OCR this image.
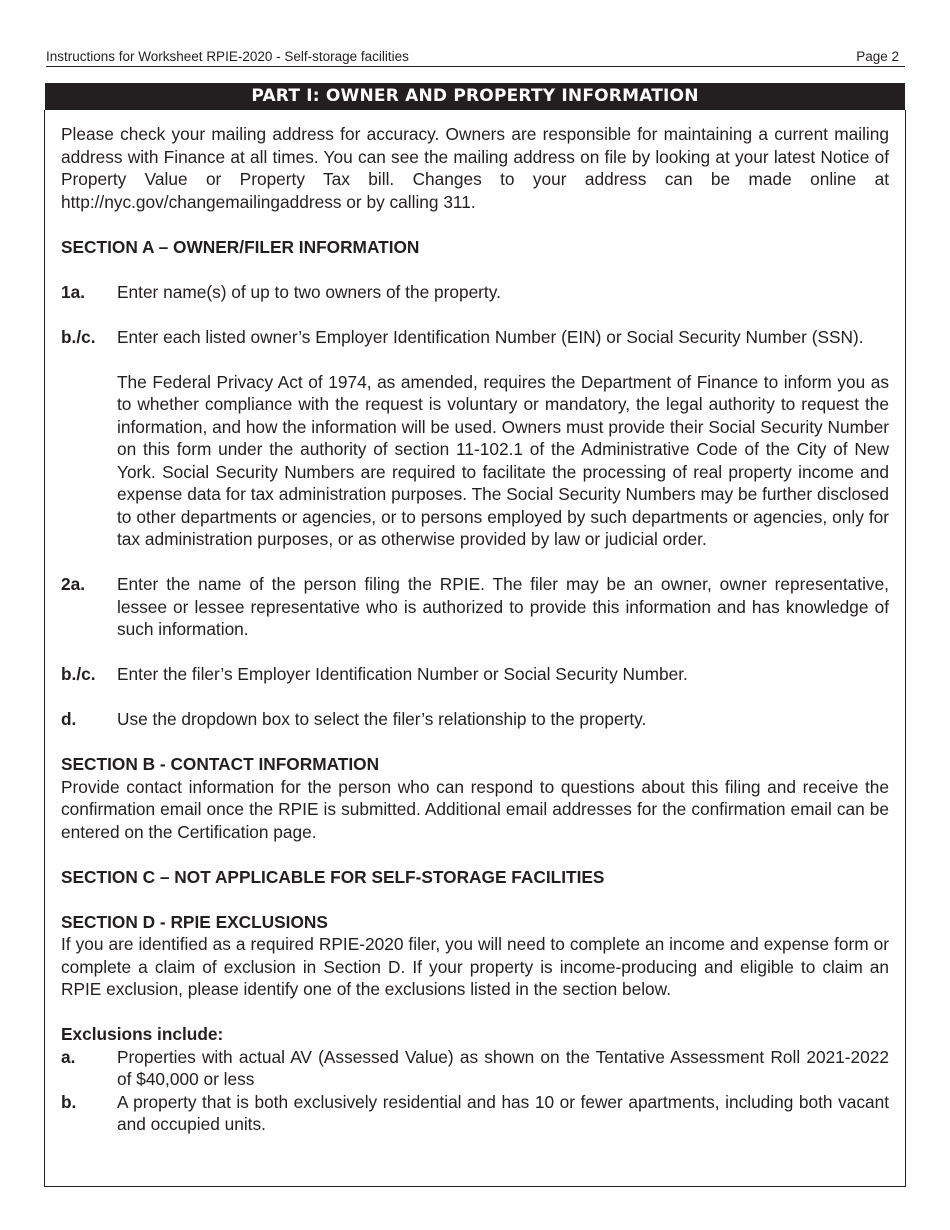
Instructions for Worksheet RPIE-2020 - Self-storage facilities	Page 2
PART I: OWNER AND PROPERTY INFORMATION

Please check your mailing address for accuracy. Owners are responsible for maintaining a current mailing address with Finance at all times. You can see the mailing address on file by looking at your latest Notice of Property Value or Property Tax bill. Changes to your address can be made online at http://nyc.gov/changemailingaddress or by calling 311.

SECTION A – OWNER/FILER INFORMATION

1a.	Enter name(s) of up to two owners of the property.
b./c.	Enter each listed owner’s Employer Identification Number (EIN) or Social Security Number (SSN).

The Federal Privacy Act of 1974, as amended, requires the Department of Finance to inform you as to whether compliance with the request is voluntary or mandatory, the legal authority to request the information, and how the information will be used. Owners must provide their Social Security Number on this form under the authority of section 11-102.1 of the Administrative Code of the City of New York. Social Security Numbers are required to facilitate the processing of real property income and expense data for tax administration purposes. The Social Security Numbers may be further disclosed to other departments or agencies, or to persons employed by such departments or agencies, only for tax administration purposes, or as otherwise provided by law or judicial order.

2a.	Enter the name of the person filing the RPIE. The filer may be an owner, owner representative, lessee or lessee representative who is authorized to provide this information and has knowledge of such information.
b./c.	Enter the filer’s Employer Identification Number or Social Security Number.
d.	Use the dropdown box to select the filer’s relationship to the property.

SECTION B - CONTACT INFORMATION

Provide contact information for the person who can respond to questions about this filing and receive the confirmation email once the RPIE is submitted. Additional email addresses for the confirmation email can be entered on the Certification page.

SECTION C – NOT APPLICABLE FOR SELF-STORAGE FACILITIES

SECTION D - RPIE EXCLUSIONS

If you are identified as a required RPIE-2020 filer, you will need to complete an income and expense form or complete a claim of exclusion in Section D. If your property is income-producing and eligible to claim an RPIE exclusion, please identify one of the exclusions listed in the section below.

Exclusions include:

a.	Properties with actual AV (Assessed Value) as shown on the Tentative Assessment Roll 2021-2022 of $40,000 or less
b.	A property that is both exclusively residential and has 10 or fewer apartments, including both vacant and occupied units.
